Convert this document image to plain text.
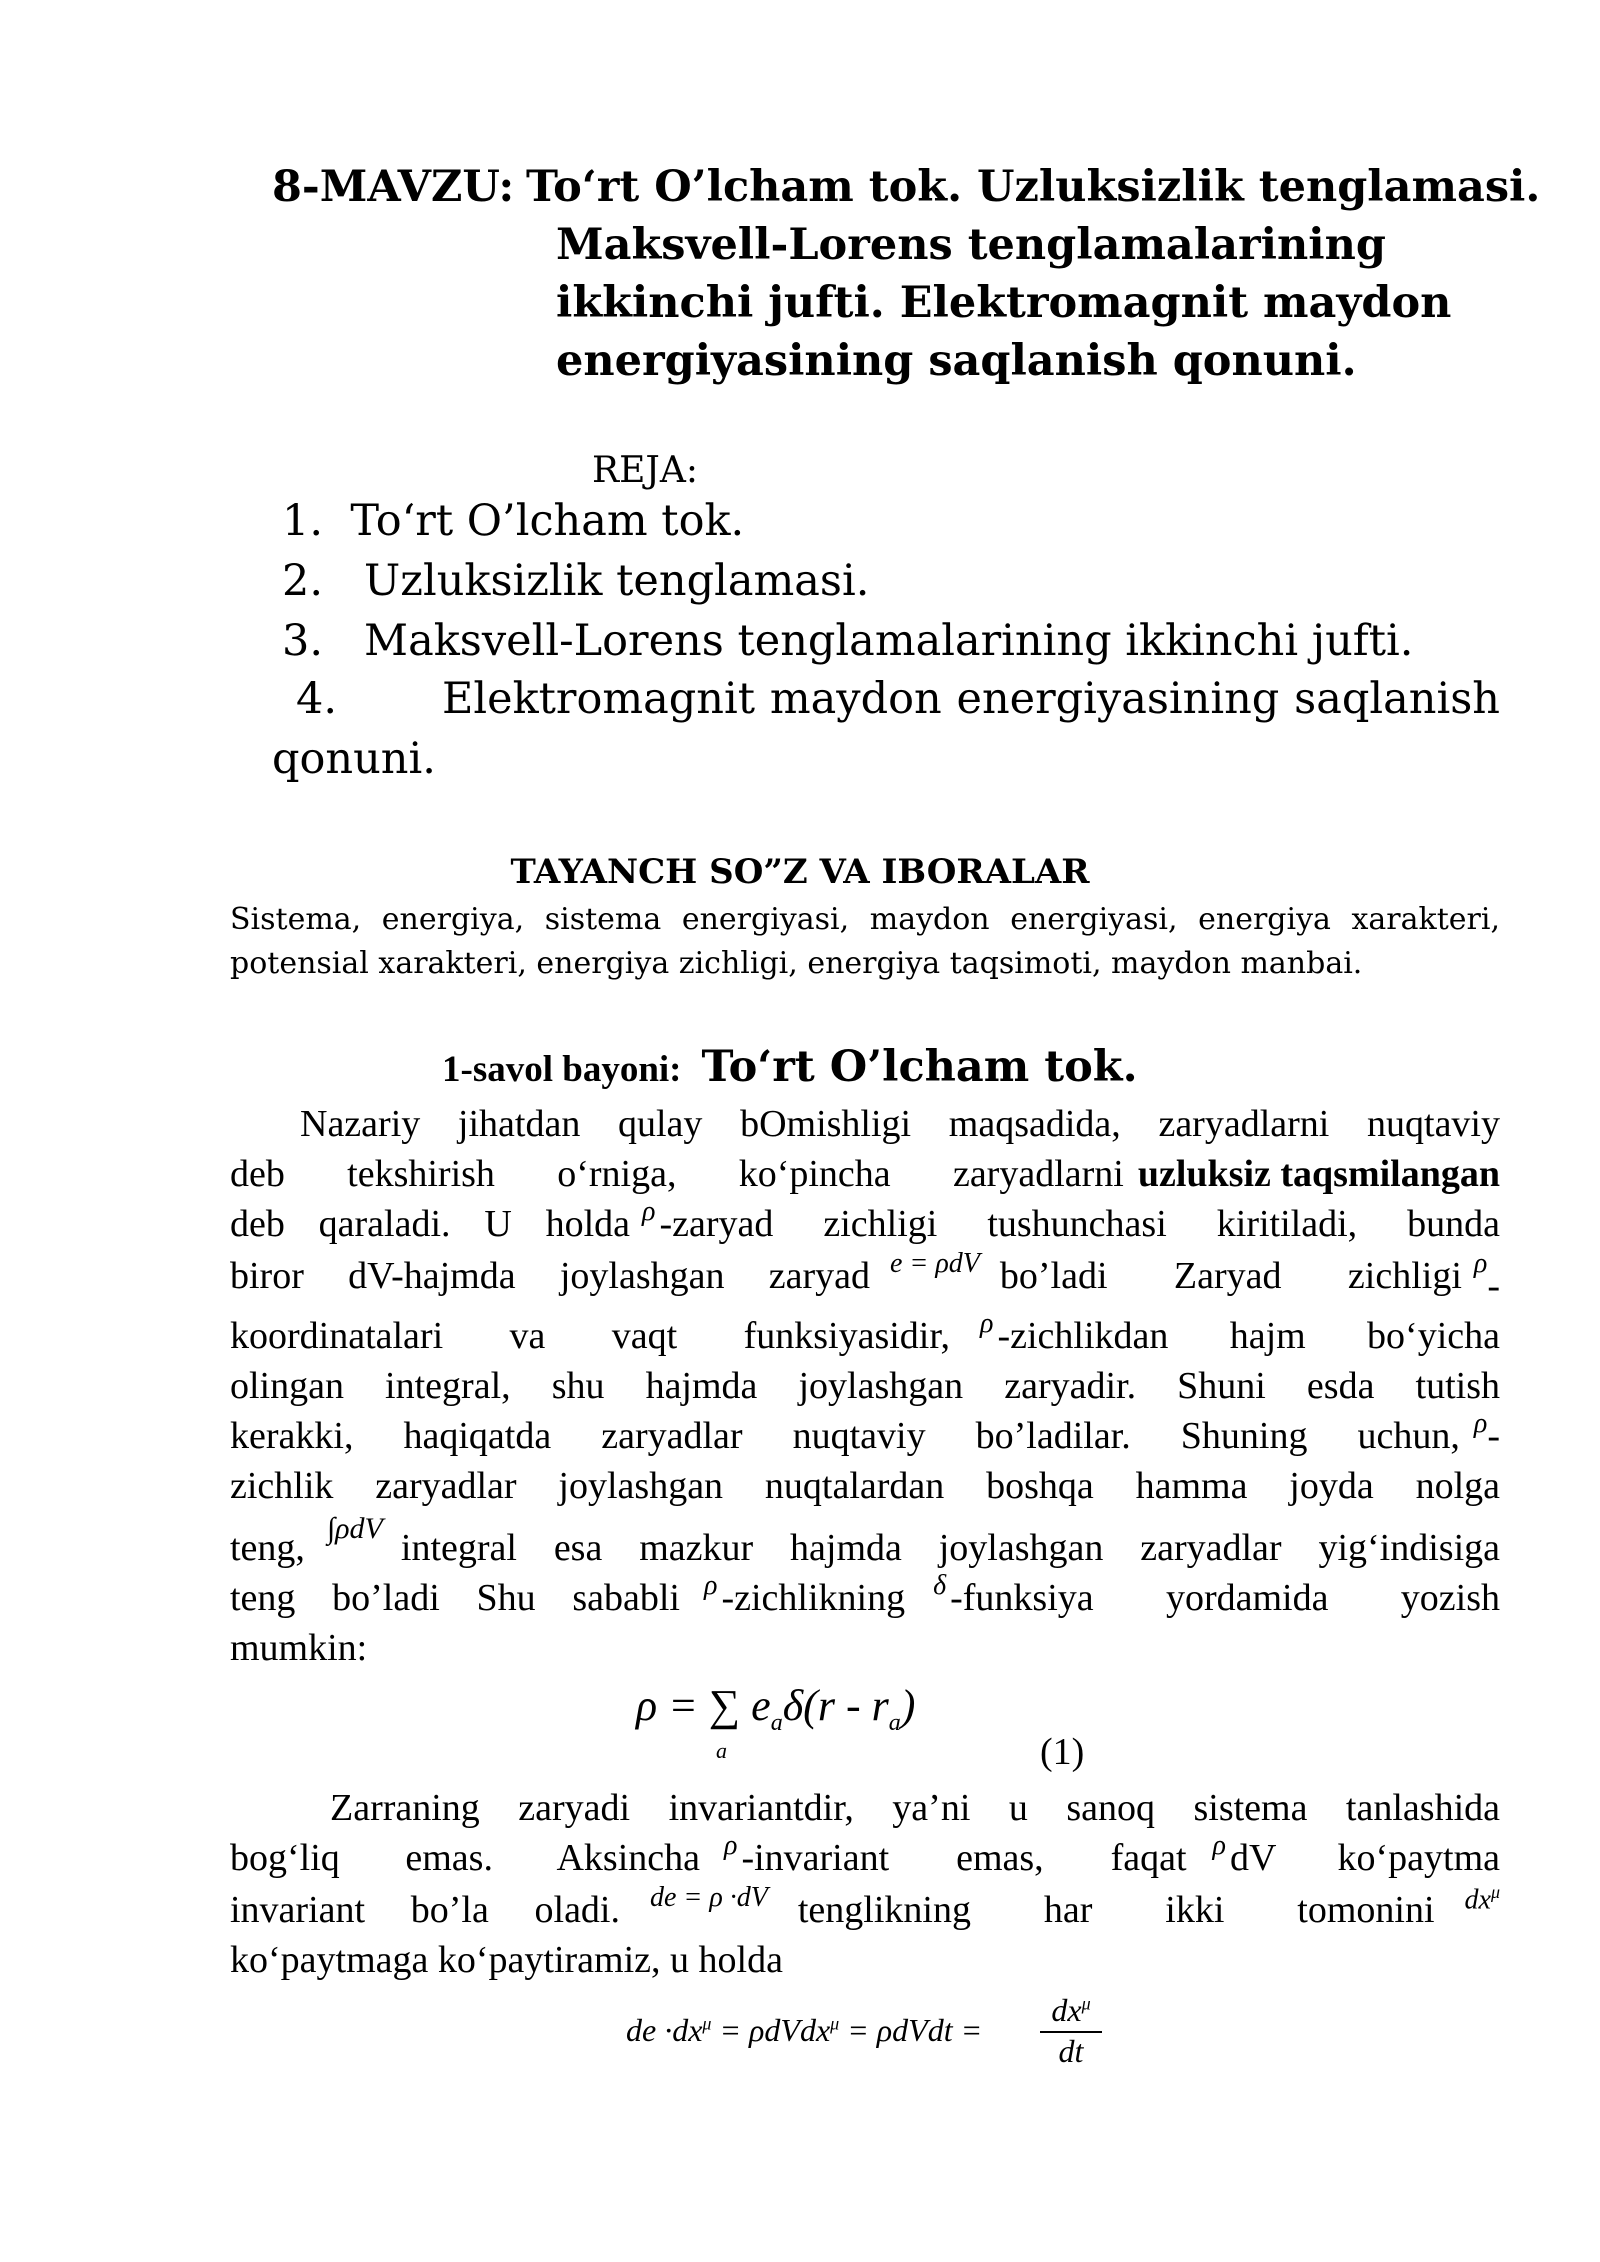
8-MAVZU: To‘rt O’lcham tok. Uzluksizlik tenglamasi.
Maksvell-Lorens tenglamalarining
ikkinchi jufti. Elektromagnit maydon
energiyasining saqlanish qonuni.
REJA:
1. To‘rt O’lcham tok.
2. Uzluksizlik tenglamasi.
3. Maksvell-Lorens tenglamalarining ikkinchi jufti.
4.	Elektromagnit maydon energiyasining saqlanish
qonuni.
TAYANCH SO”Z VA IBORALAR
Sistema, energiya, sistema energiyasi, maydon energiyasi, energiya xarakteri,
potensial xarakteri, energiya zichligi, energiya taqsimoti, maydon manbai.
1-savol bayoni: To‘rt O’lcham tok.
Nazariy jihatdan qulay bOmishligi maqsadida, zaryadlarni nuqtaviy
deb tekshirish o‘rniga, ko‘pincha zaryadlarni uzluksiz taqsmilangan
deb qaraladi. U holda ρ -zaryad zichligi tushunchasi kiritiladi, bunda
biror dV-hajmda joylashgan zaryad e = ρdV bo’ladi Zaryad zichligi ρ
-
koordinatalari va vaqt funksiyasidir, ρ -zichlikdan hajm bo‘yicha
olingan integral, shu hajmda joylashgan zaryadir. Shuni esda tutish
kerakki, haqiqatda zaryadlar nuqtaviy bo’ladilar. Shuning uchun, ρ -
zichlik zaryadlar joylashgan nuqtalardan boshqa hamma joyda nolga
teng, ∫ρdV integral esa mazkur hajmda joylashgan zaryadlar yig‘indisiga
teng bo’ladi Shu sababli ρ -zichlikning δ -funksiya yordamida yozish
mumkin:
ρ = ∑ $e_a\delta(r - r_a)$
a	(1)
Zarraning zaryadi invariantdir, ya’ni u sanoq sistema tanlashida
bog‘liq emas. Aksincha ρ -invariant emas, faqat ρ dV ko‘paytma
invariant bo’la oladi. de = ρ ·dV tenglikning har ikki tomonini $dx^\mu$
ko‘paytmaga ko‘paytiramiz, u holda
de $\cdot dx^\mu$ = ρdVdx$^\mu$ = ρdVdt =
$dx^\mu$
dt
